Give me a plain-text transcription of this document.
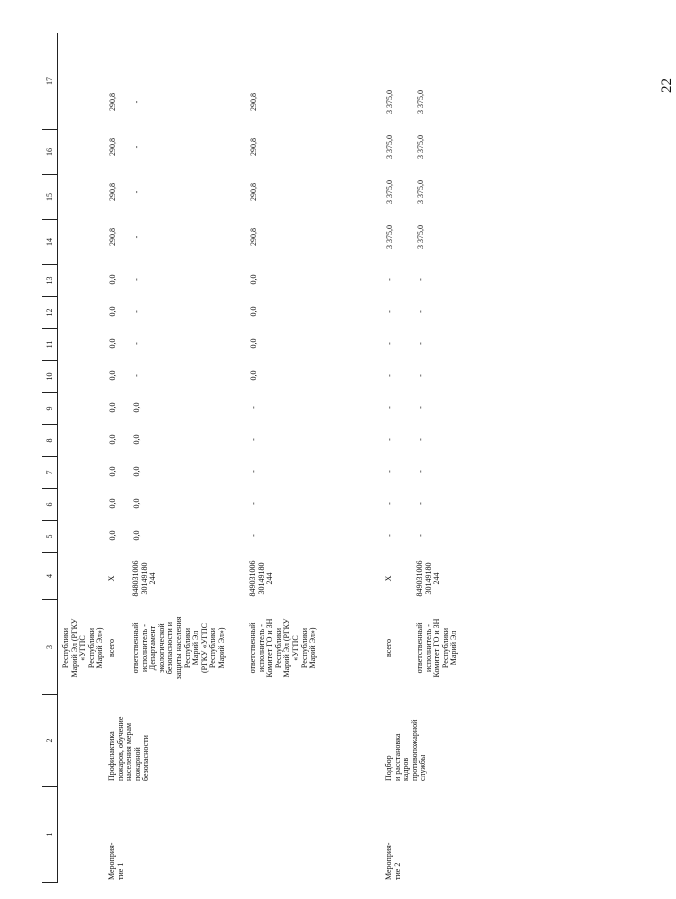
22
1
2
3
4
5
6
7
8
9
10
11
12
13
14
15
16
17
Республики Марий Эл (РГКУ «УГПС Республики Марий Эл»)
Мероприя- тие 1
Профилактика пожаров, обучение населения мерам пожарной безопасности
всего
X
0,0
0,0
0,0
0,0
0,0
0,0
0,0
0,0
0,0
290,8
290,8
290,8
290,8
ответственный исполнитель - Департамент экологической безопасности и защиты населения Республики Марий Эл (РГКУ «УГПС Республики Марий Эл»)
848031006 30149180 244
0,0
0,0
0,0
0,0
0,0
-
-
-
-
-
-
-
-
ответственный исполнитель - Комитет ГО и ЗН Республики Марий Эл (РГКУ «УГПС Республики Марий Эл»)
849031006 30149180 244
-
-
-
-
-
0,0
0,0
0,0
0,0
290,8
290,8
290,8
290,8
Мероприя- тие 2
Подбор и расстановка кадров противопожарной службы
всего
X
-
-
-
-
-
-
-
-
-
3 375,0
3 375,0
3 375,0
3 375,0
ответственный исполнитель - Комитет ГО и ЗН Республики Марий Эл
849031006 30149180 244
-
-
-
-
-
-
-
-
-
3 375,0
3 375,0
3 375,0
3 375,0
